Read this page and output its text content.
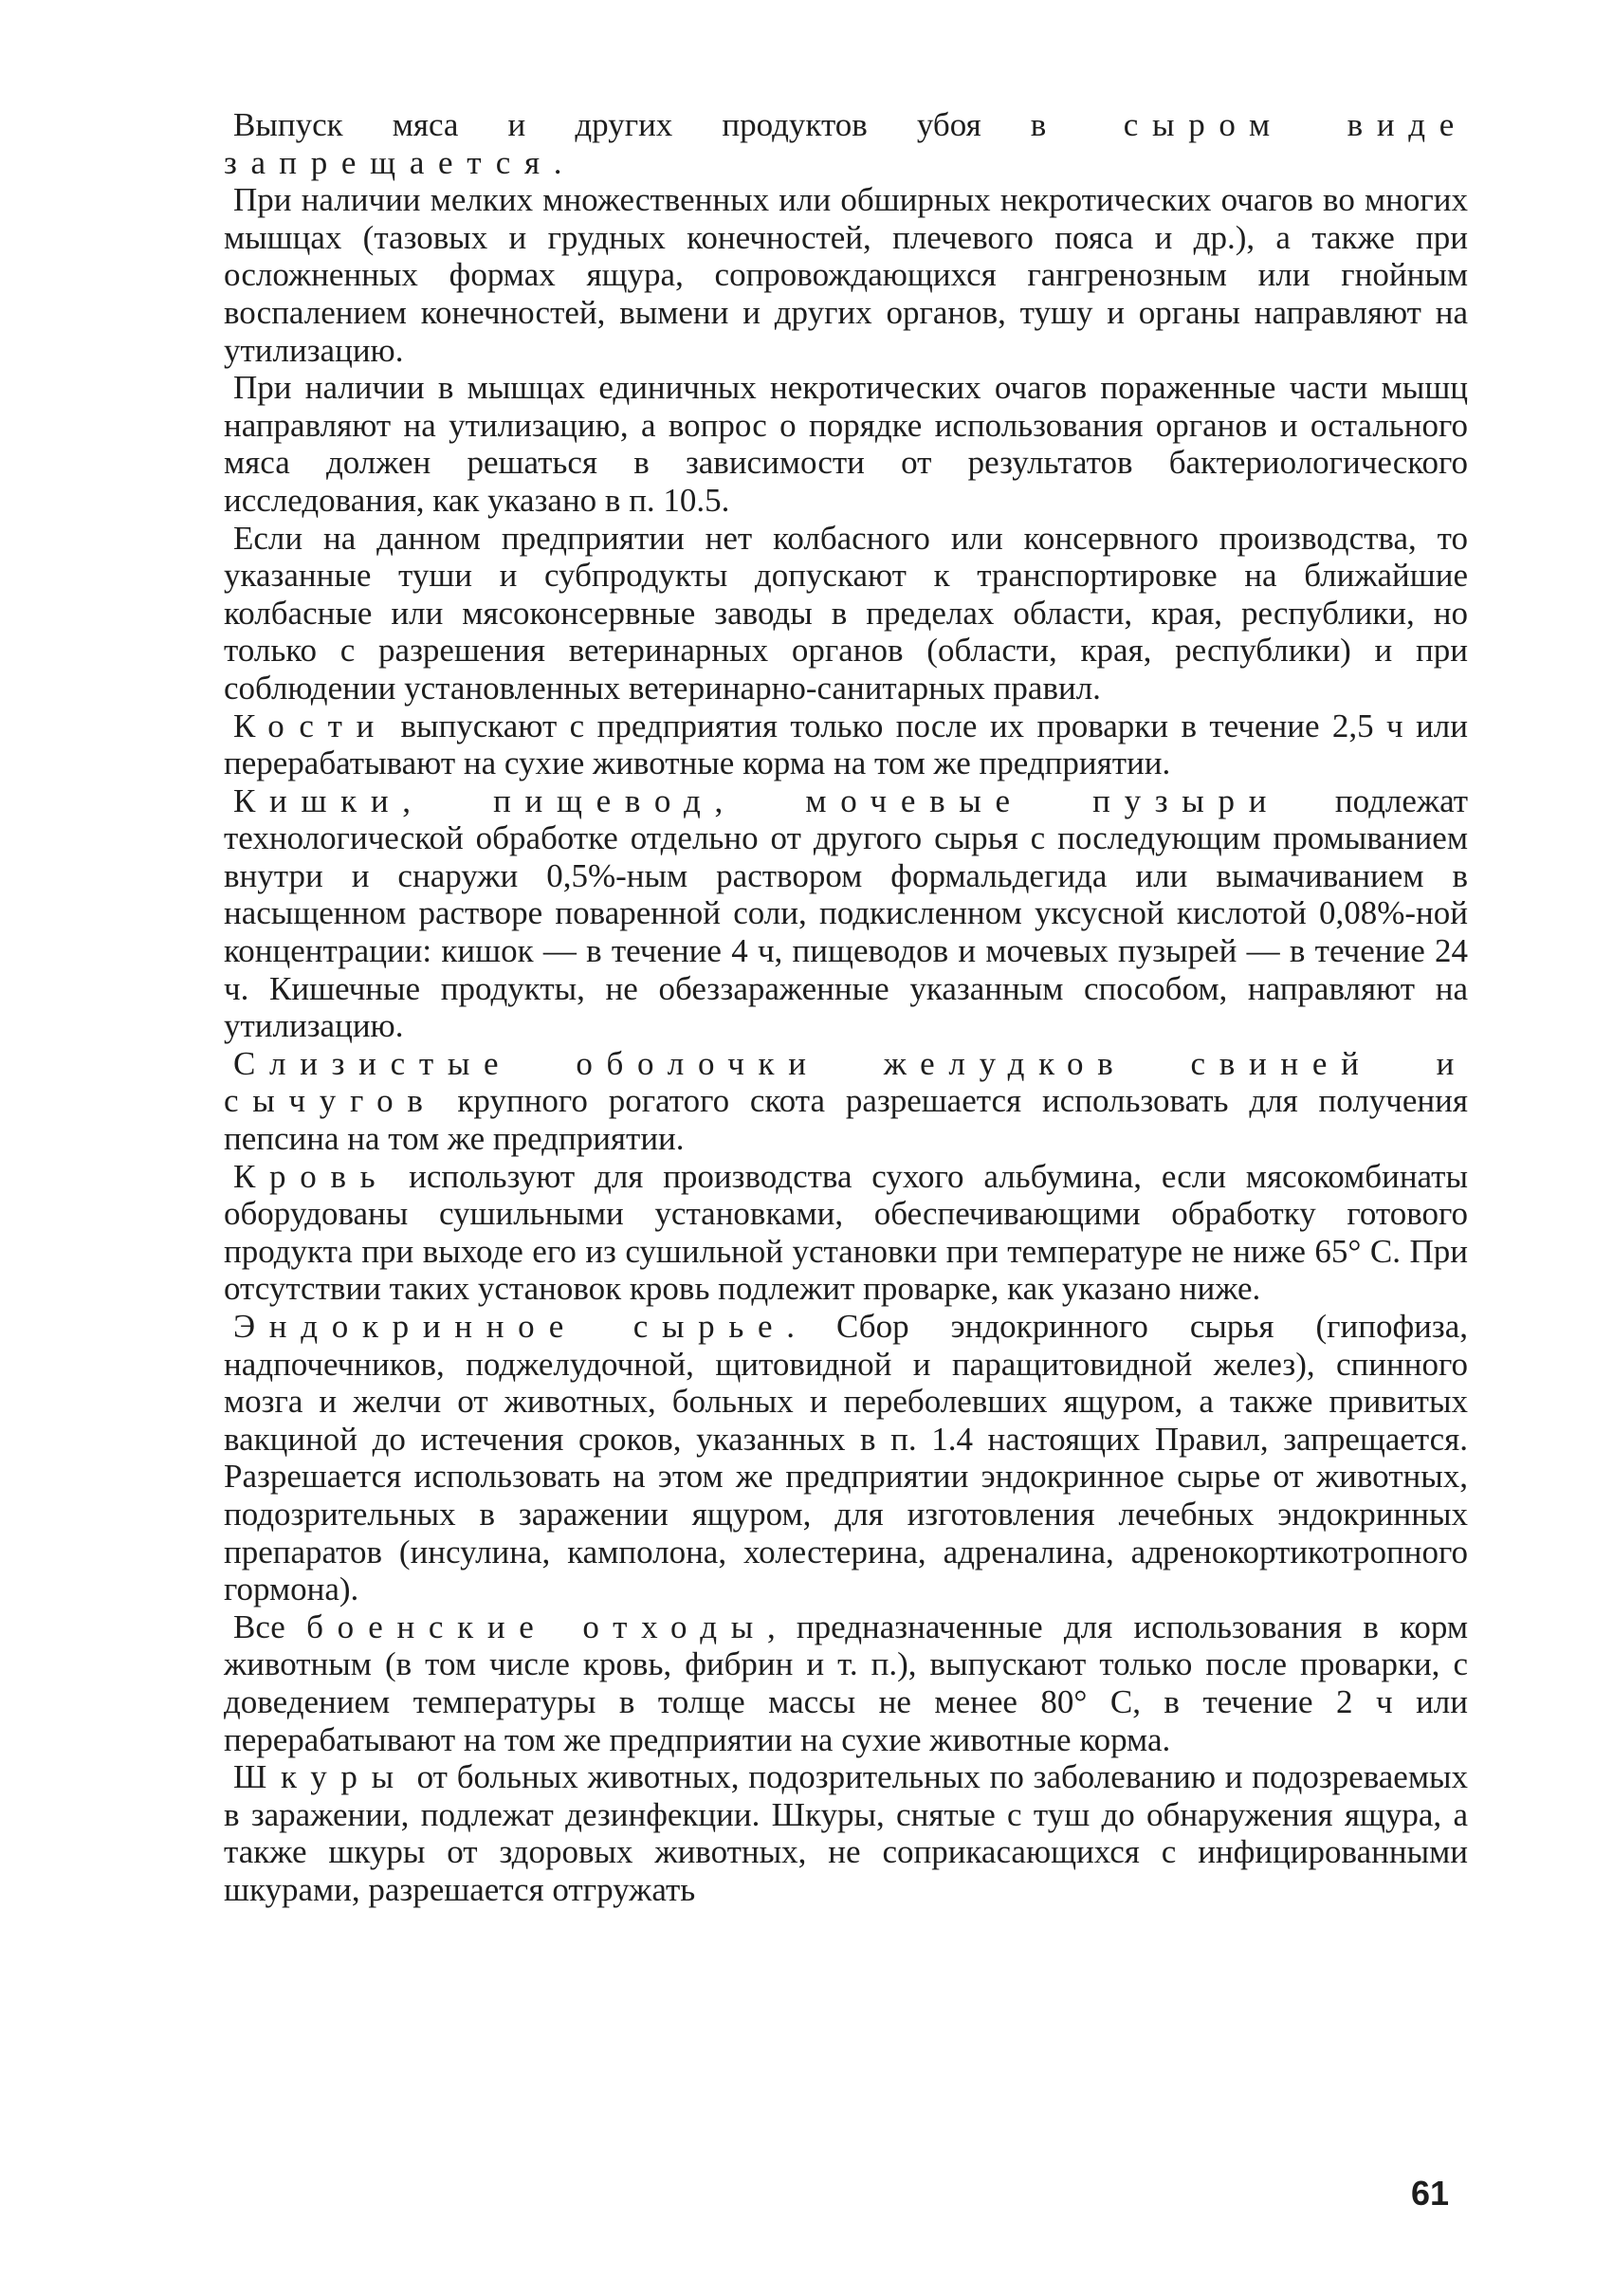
Выпуск мяса и других продуктов убоя в сыром виде запрещается.

При наличии мелких множественных или обширных некротических очагов во многих мышцах (тазовых и грудных конечностей, плечевого пояса и др.), а также при осложненных формах ящура, сопровождающихся гангренозным или гнойным воспалением конечностей, вымени и других органов, тушу и органы направляют на утилизацию.

При наличии в мышцах единичных некротических очагов пораженные части мышц направляют на утилизацию, а вопрос о порядке использования органов и остального мяса должен решаться в зависимости от результатов бактериологического исследования, как указано в п. 10.5.

Если на данном предприятии нет колбасного или консервного производства, то указанные туши и субпродукты допускают к транспортировке на ближайшие колбасные или мясоконсервные заводы в пределах области, края, республики, но только с разрешения ветеринарных органов (области, края, республики) и при соблюдении установленных ветеринарно-санитарных правил.

Кости выпускают с предприятия только после их проварки в течение 2,5 ч или перерабатывают на сухие животные корма на том же предприятии.

Кишки, пищевод, мочевые пузыри подлежат технологической обработке отдельно от другого сырья с последующим промыванием внутри и снаружи 0,5%-ным раствором формальдегида или вымачиванием в насыщенном растворе поваренной соли, подкисленном уксусной кислотой 0,08%-ной концентрации: кишок — в течение 4 ч, пищеводов и мочевых пузырей — в течение 24 ч. Кишечные продукты, не обеззараженные указанным способом, направляют на утилизацию.

Слизистые оболочки желудков свиней и сычугов крупного рогатого скота разрешается использовать для получения пепсина на том же предприятии.

Кровь используют для производства сухого альбумина, если мясокомбинаты оборудованы сушильными установками, обеспечивающими обработку готового продукта при выходе его из сушильной установки при температуре не ниже 65° С. При отсутствии таких установок кровь подлежит проварке, как указано ниже.

Эндокринное сырье. Сбор эндокринного сырья (гипофиза, надпочечников, поджелудочной, щитовидной и паращитовидной желез), спинного мозга и желчи от животных, больных и переболевших ящуром, а также привитых вакциной до истечения сроков, указанных в п. 1.4 настоящих Правил, запрещается. Разрешается использовать на этом же предприятии эндокринное сырье от животных, подозрительных в заражении ящуром, для изготовления лечебных эндокринных препаратов (инсулина, камполона, холестерина, адреналина, адренокортикотропного гормона).

Все боенские отходы, предназначенные для использования в корм животным (в том числе кровь, фибрин и т. п.), выпускают только после проварки, с доведением температуры в толще массы не менее 80° С, в течение 2 ч или перерабатывают на том же предприятии на сухие животные корма.

Шкуры от больных животных, подозрительных по заболеванию и подозреваемых в заражении, подлежат дезинфекции. Шкуры, снятые с туш до обнаружения ящура, а также шкуры от здоровых животных, не соприкасающихся с инфицированными шкурами, разрешается отгружать

61
